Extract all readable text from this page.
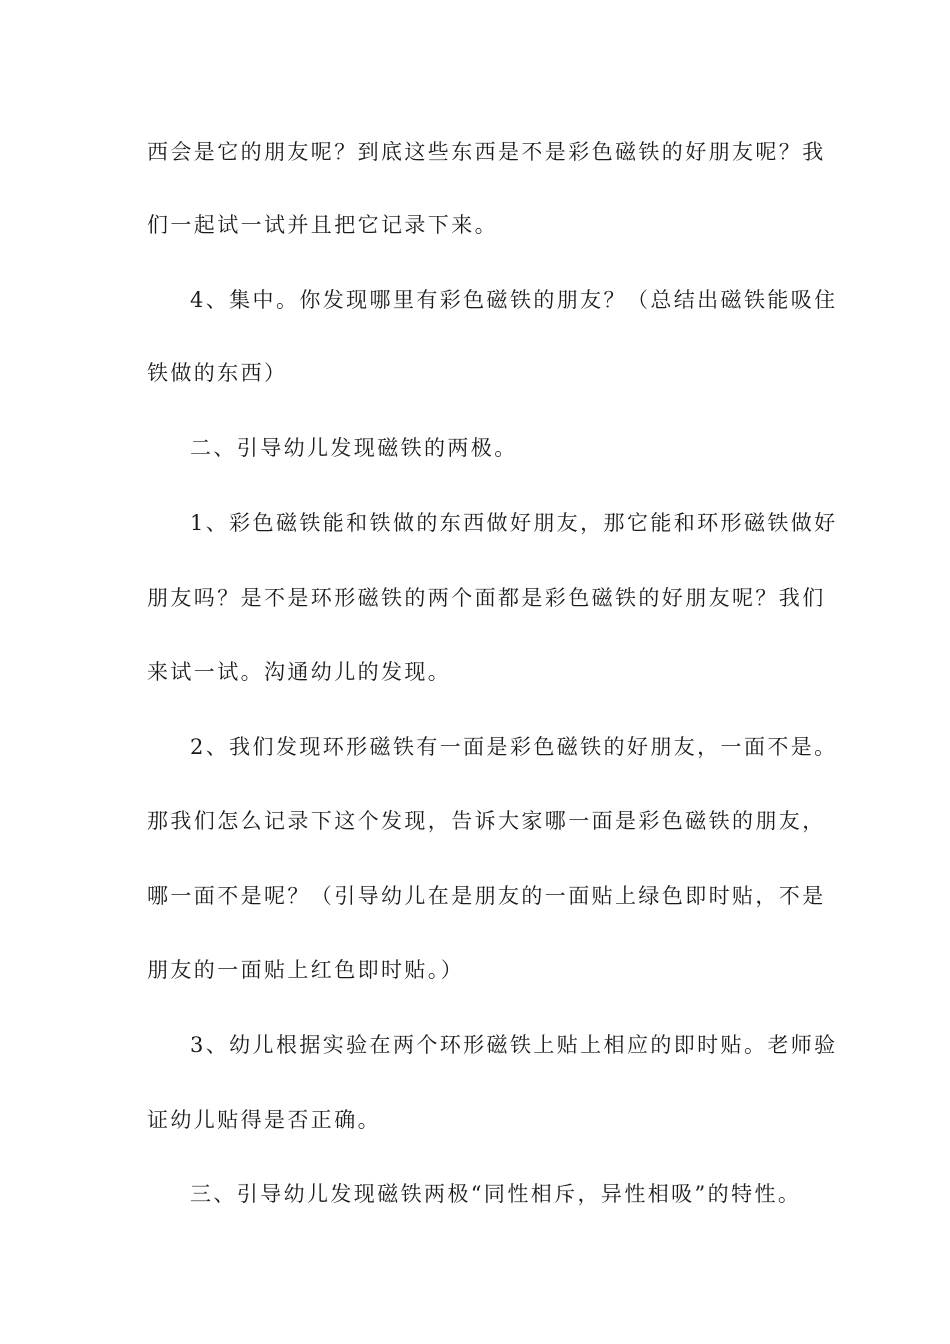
西会是它的朋友呢？到底这些东西是不是彩色磁铁的好朋友呢？我
们一起试一试并且把它记录下来。
4、集中。你发现哪里有彩色磁铁的朋友？（总结出磁铁能吸住
铁做的东西）
二、引导幼儿发现磁铁的两极。
1、彩色磁铁能和铁做的东西做好朋友，那它能和环形磁铁做好
朋友吗？是不是环形磁铁的两个面都是彩色磁铁的好朋友呢？我们
来试一试。沟通幼儿的发现。
2、我们发现环形磁铁有一面是彩色磁铁的好朋友，一面不是。
那我们怎么记录下这个发现，告诉大家哪一面是彩色磁铁的朋友，
哪一面不是呢？（引导幼儿在是朋友的一面贴上绿色即时贴，不是
朋友的一面贴上红色即时贴。）
3、幼儿根据实验在两个环形磁铁上贴上相应的即时贴。老师验
证幼儿贴得是否正确。
三、引导幼儿发现磁铁两极“同性相斥，异性相吸”的特性。
